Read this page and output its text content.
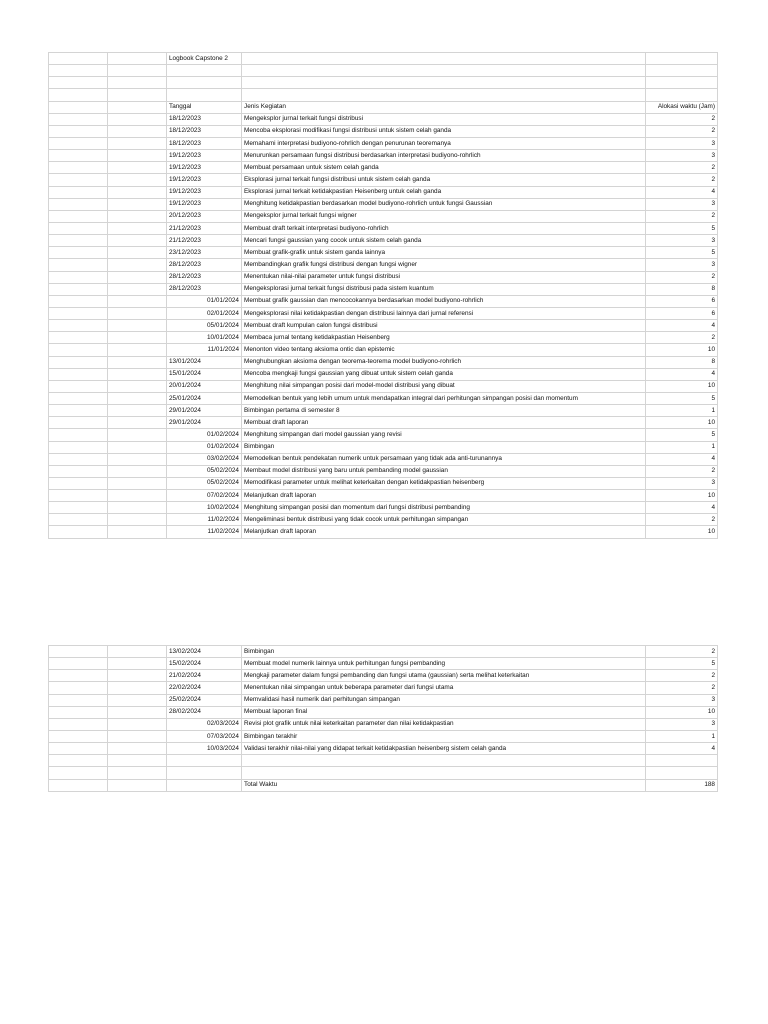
		Logbook Capstone 2		

		Tanggal	Jenis Kegiatan	Alokasi waktu (Jam)
		18/12/2023	Mengeksplor jurnal terkait fungsi distribusi	2
		18/12/2023	Mencoba eksplorasi modifikasi fungsi distribusi untuk sistem celah ganda	2
		18/12/2023	Memahami interpretasi budiyono-rohrlich dengan penurunan teoremanya	3
		19/12/2023	Menurunkan persamaan fungsi distribusi berdasarkan interpretasi budiyono-rohrlich	3
		19/12/2023	Membuat persamaan untuk sistem celah ganda	2
		19/12/2023	Eksplorasi jurnal terkait fungsi distribusi untuk sistem celah ganda	2
		19/12/2023	Eksplorasi jurnal terkait ketidakpastian Heisenberg untuk celah ganda	4
		19/12/2023	Menghitung ketidakpastian berdasarkan model budiyono-rohrlich untuk fungsi Gaussian	3
		20/12/2023	Mengeksplor jurnal terkait fungsi wigner	2
		21/12/2023	Membuat draft terkait interpretasi budiyono-rohrlich	5
		21/12/2023	Mencari fungsi gaussian yang cocok untuk sistem celah ganda	3
		23/12/2023	Membuat grafik-grafik untuk sistem ganda lainnya	5
		28/12/2023	Membandingkan grafik fungsi distribusi dengan fungsi wigner	3
		28/12/2023	Menentukan nilai-nilai parameter untuk fungsi distribusi	2
		28/12/2023	Mengeksplorasi jurnal terkait fungsi distribusi pada sistem kuantum	8
		01/01/2024	Membuat grafik gaussian dan mencocokannya berdasarkan model budiyono-rohrlich	6
		02/01/2024	Mengeksplorasi nilai ketidakpastian dengan distribusi lainnya dari jurnal referensi	6
		05/01/2024	Membuat draft kumpulan calon fungsi distribusi	4
		10/01/2024	Membaca jurnal tentang ketidakpastian Heisenberg	2
		11/01/2024	Menonton video tentang aksioma ontic dan epistemic	10
		13/01/2024	Menghubungkan aksioma dengan teorema-teorema model budiyono-rohrlich	8
		15/01/2024	Mencoba mengkaji fungsi gaussian yang dibuat untuk sistem celah ganda	4
		20/01/2024	Menghitung nilai simpangan posisi dari model-model distribusi yang dibuat	10
		25/01/2024	Memodelkan bentuk yang lebih umum untuk mendapatkan integral dari perhitungan simpangan posisi dan momentum	5
		29/01/2024	Bimbingan pertama di semester 8	1
		29/01/2024	Membuat draft laporan	10
		01/02/2024	Menghitung simpangan dari model gaussian yang revisi	5
		01/02/2024	Bimbingan	1
		03/02/2024	Memodelkan bentuk pendekatan numerik untuk persamaan yang tidak ada anti-turunannya	4
		05/02/2024	Membaut model distribusi yang baru untuk pembanding model gaussian	2
		05/02/2024	Memodifikasi parameter untuk melihat keterkaitan dengan ketidakpastian heisenberg	3
		07/02/2024	Melanjutkan draft laporan	10
		10/02/2024	Menghitung simpangan posisi dan momentum dari fungsi distribusi pembanding	4
		11/02/2024	Mengeliminasi bentuk distribusi yang tidak cocok untuk perhitungan simpangan	2
		11/02/2024	Melanjutkan draft laporan	10
		13/02/2024	Bimbingan	2
		15/02/2024	Membuat model numerik lainnya untuk perhitungan fungsi pembanding	5
		21/02/2024	Mengkaji parameter dalam fungsi pembanding dan fungsi utama (gaussian) serta melihat keterkaitan	2
		22/02/2024	Menentukan nilai simpangan untuk beberapa parameter dari fungsi utama	2
		25/02/2024	Memvalidasi hasil numerik dari perhitungan simpangan	3
		28/02/2024	Membuat laporan final	10
		02/03/2024	Revisi plot grafik untuk nilai keterkaitan parameter dan nilai ketidakpastian	3
		07/03/2024	Bimbingan terakhir	1
		10/03/2024	Validasi terakhir nilai-nilai yang didapat terkait ketidakpastian heisenberg sistem celah ganda	4

			Total Waktu	188
